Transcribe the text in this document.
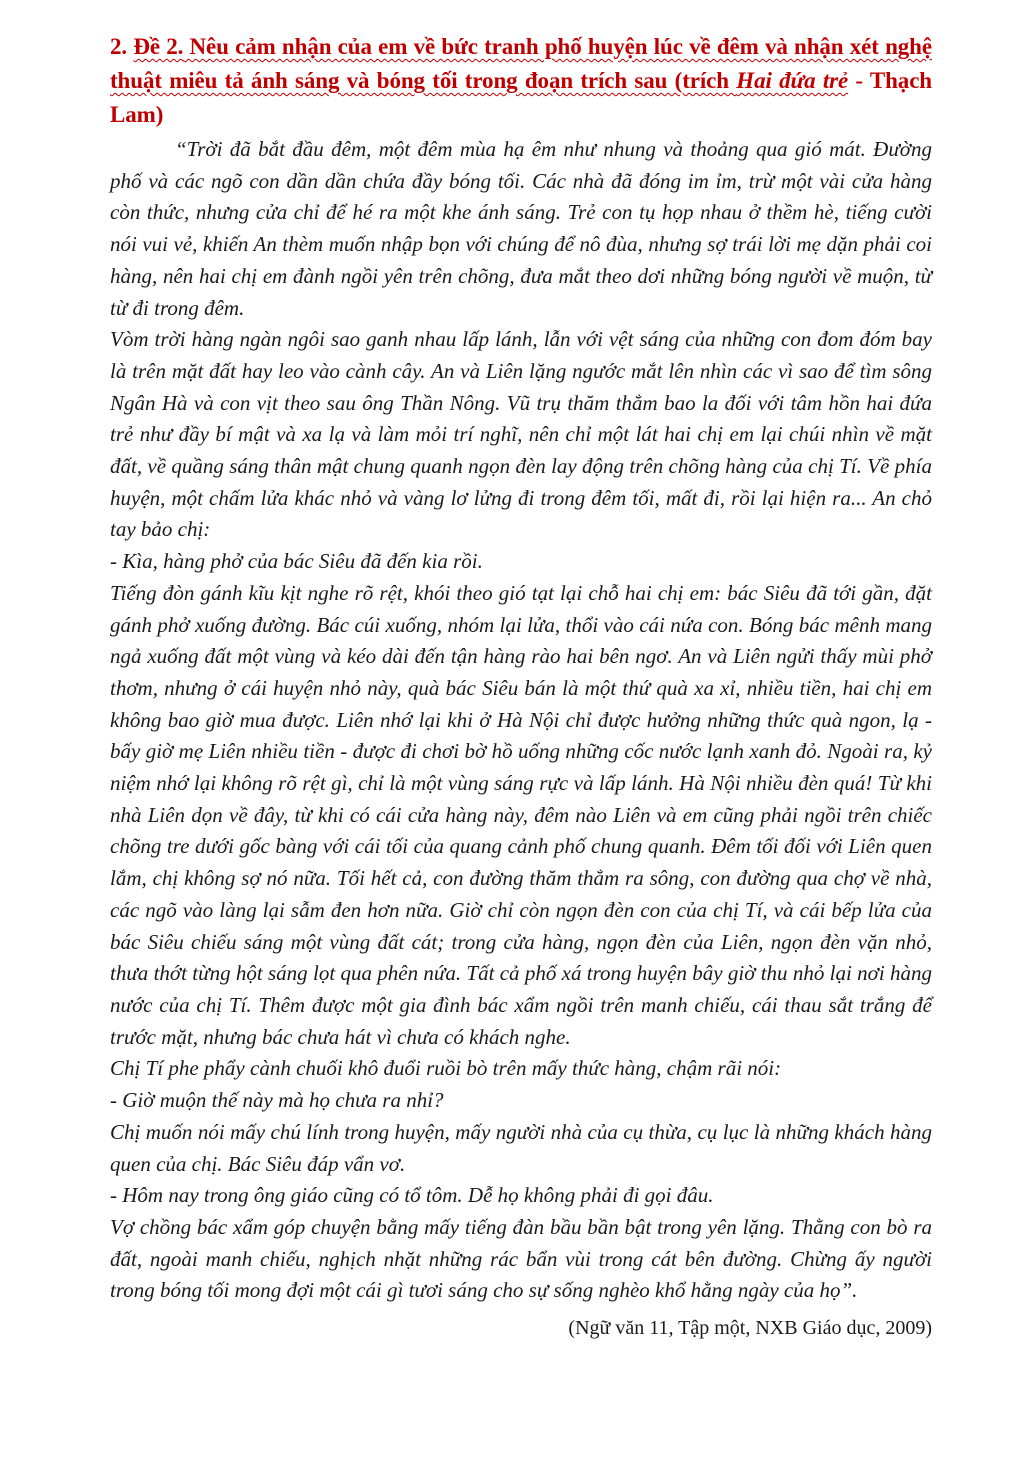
2. Đề 2. Nêu cảm nhận của em về bức tranh phố huyện lúc về đêm và nhận xét nghệ thuật miêu tả ánh sáng và bóng tối trong đoạn trích sau (trích Hai đứa trẻ - Thạch Lam)

“Trời đã bắt đầu đêm, một đêm mùa hạ êm như nhung và thoảng qua gió mát. Đường phố và các ngõ con dần dần chứa đầy bóng tối. Các nhà đã đóng im ỉm, trừ một vài cửa hàng còn thức, nhưng cửa chỉ để hé ra một khe ánh sáng. Trẻ con tụ họp nhau ở thềm hè, tiếng cười nói vui vẻ, khiến An thèm muốn nhập bọn với chúng để nô đùa, nhưng sợ trái lời mẹ dặn phải coi hàng, nên hai chị em đành ngồi yên trên chõng, đưa mắt theo dơi những bóng người về muộn, từ từ đi trong đêm.

Vòm trời hàng ngàn ngôi sao ganh nhau lấp lánh, lẫn với vệt sáng của những con đom đóm bay là trên mặt đất hay leo vào cành cây. An và Liên lặng ngước mắt lên nhìn các vì sao để tìm sông Ngân Hà và con vịt theo sau ông Thần Nông. Vũ trụ thăm thẳm bao la đối với tâm hồn hai đứa trẻ như đầy bí mật và xa lạ và làm mỏi trí nghĩ, nên chỉ một lát hai chị em lại chúi nhìn về mặt đất, về quầng sáng thân mật chung quanh ngọn đèn lay động trên chõng hàng của chị Tí. Về phía huyện, một chấm lửa khác nhỏ và vàng lơ lửng đi trong đêm tối, mất đi, rồi lại hiện ra... An chỏ tay bảo chị:

- Kìa, hàng phở của bác Siêu đã đến kia rồi.

Tiếng đòn gánh kĩu kịt nghe rõ rệt, khói theo gió tạt lại chỗ hai chị em: bác Siêu đã tới gần, đặt gánh phở xuống đường. Bác cúi xuống, nhóm lại lửa, thổi vào cái nứa con. Bóng bác mênh mang ngả xuống đất một vùng và kéo dài đến tận hàng rào hai bên ngơ. An và Liên ngửi thấy mùi phở thơm, nhưng ở cái huyện nhỏ này, quà bác Siêu bán là một thứ quà xa xỉ, nhiều tiền, hai chị em không bao giờ mua được. Liên nhớ lại khi ở Hà Nội chỉ được hưởng những thức quà ngon, lạ - bấy giờ mẹ Liên nhiều tiền - được đi chơi bờ hồ uống những cốc nước lạnh xanh đỏ. Ngoài ra, kỷ niệm nhớ lại không rõ rệt gì, chỉ là một vùng sáng rực và lấp lánh. Hà Nội nhiều đèn quá! Từ khi nhà Liên dọn về đây, từ khi có cái cửa hàng này, đêm nào Liên và em cũng phải ngồi trên chiếc chõng tre dưới gốc bàng với cái tối của quang cảnh phố chung quanh. Đêm tối đối với Liên quen lắm, chị không sợ nó nữa. Tối hết cả, con đường thăm thẳm ra sông, con đường qua chợ về nhà, các ngõ vào làng lại sẫm đen hơn nữa. Giờ chỉ còn ngọn đèn con của chị Tí, và cái bếp lửa của bác Siêu chiếu sáng một vùng đất cát; trong cửa hàng, ngọn đèn của Liên, ngọn đèn vặn nhỏ, thưa thớt từng hột sáng lọt qua phên nứa. Tất cả phố xá trong huyện bây giờ thu nhỏ lại nơi hàng nước của chị Tí. Thêm được một gia đình bác xẩm ngồi trên manh chiếu, cái thau sắt trắng để trước mặt, nhưng bác chưa hát vì chưa có khách nghe.

Chị Tí phe phẩy cành chuối khô đuổi ruồi bò trên mấy thức hàng, chậm rãi nói:

- Giờ muộn thế này mà họ chưa ra nhỉ?

Chị muốn nói mấy chú lính trong huyện, mấy người nhà của cụ thừa, cụ lục là những khách hàng quen của chị. Bác Siêu đáp vẩn vơ.

- Hôm nay trong ông giáo cũng có tổ tôm. Dễ họ không phải đi gọi đâu.

Vợ chồng bác xẩm góp chuyện bằng mấy tiếng đàn bầu bần bật trong yên lặng. Thằng con bò ra đất, ngoài manh chiếu, nghịch nhặt những rác bẩn vùi trong cát bên đường. Chừng ấy người trong bóng tối mong đợi một cái gì tươi sáng cho sự sống nghèo khổ hằng ngày của họ”.

(Ngữ văn 11, Tập một, NXB Giáo dục, 2009)
